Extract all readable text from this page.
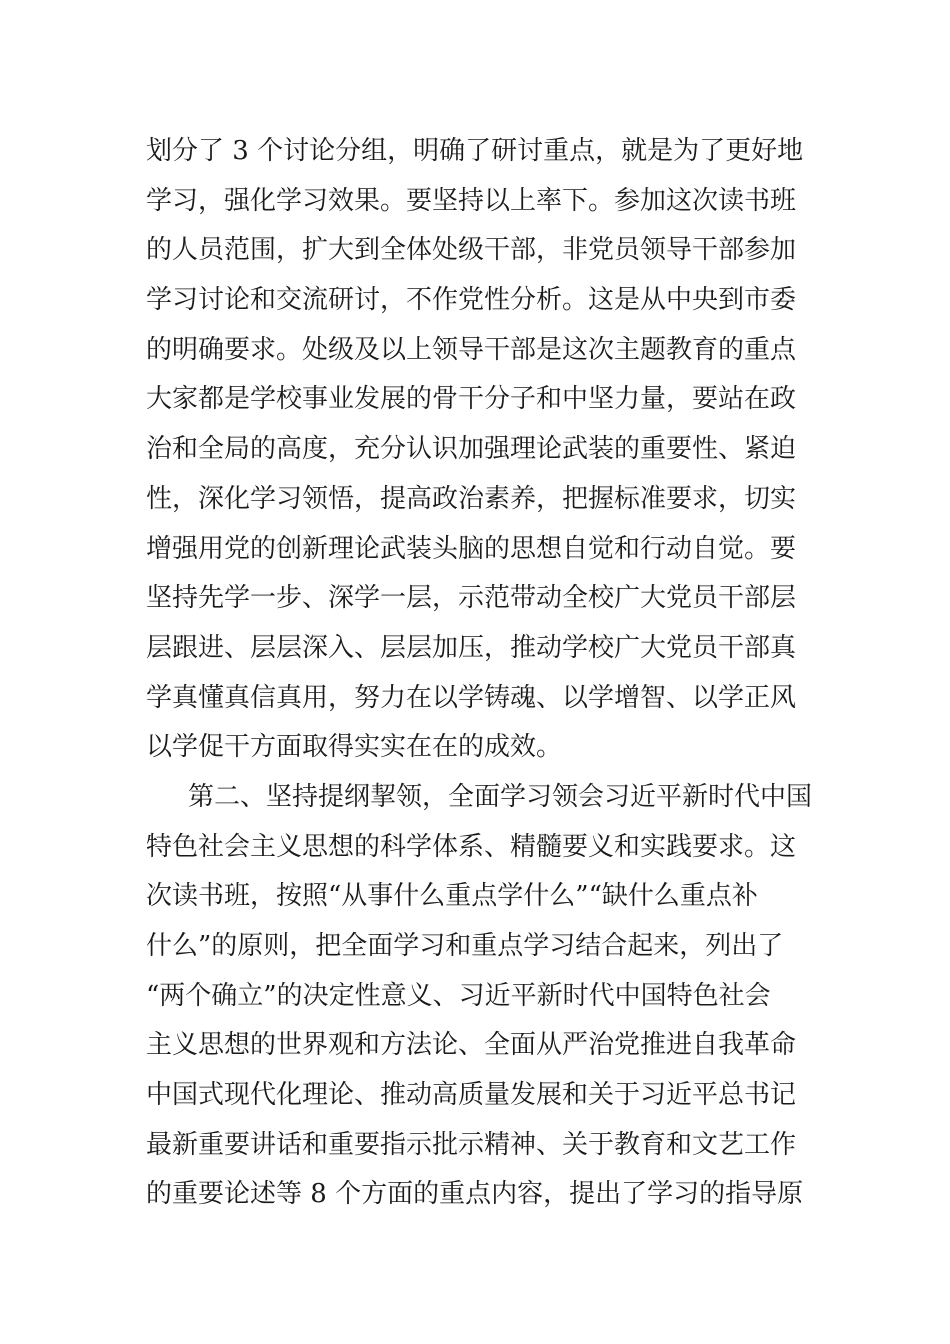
划分了 3 个讨论分组，明确了研讨重点，就是为了更好地
学习，强化学习效果。要坚持以上率下。参加这次读书班
的人员范围，扩大到全体处级干部，非党员领导干部参加
学习讨论和交流研讨，不作党性分析。这是从中央到市委
的明确要求。处级及以上领导干部是这次主题教育的重点
大家都是学校事业发展的骨干分子和中坚力量，要站在政
治和全局的高度，充分认识加强理论武装的重要性、紧迫
性，深化学习领悟，提高政治素养，把握标准要求，切实
增强用党的创新理论武装头脑的思想自觉和行动自觉。要
坚持先学一步、深学一层，示范带动全校广大党员干部层
层跟进、层层深入、层层加压，推动学校广大党员干部真
学真懂真信真用，努力在以学铸魂、以学增智、以学正风
以学促干方面取得实实在在的成效。
第二、坚持提纲挈领，全面学习领会习近平新时代中国
特色社会主义思想的科学体系、精髓要义和实践要求。这
次读书班，按照“从事什么重点学什么”“缺什么重点补
什么”的原则，把全面学习和重点学习结合起来，列出了
“两个确立”的决定性意义、习近平新时代中国特色社会
主义思想的世界观和方法论、全面从严治党推进自我革命
中国式现代化理论、推动高质量发展和关于习近平总书记
最新重要讲话和重要指示批示精神、关于教育和文艺工作
的重要论述等 8 个方面的重点内容，提出了学习的指导原
